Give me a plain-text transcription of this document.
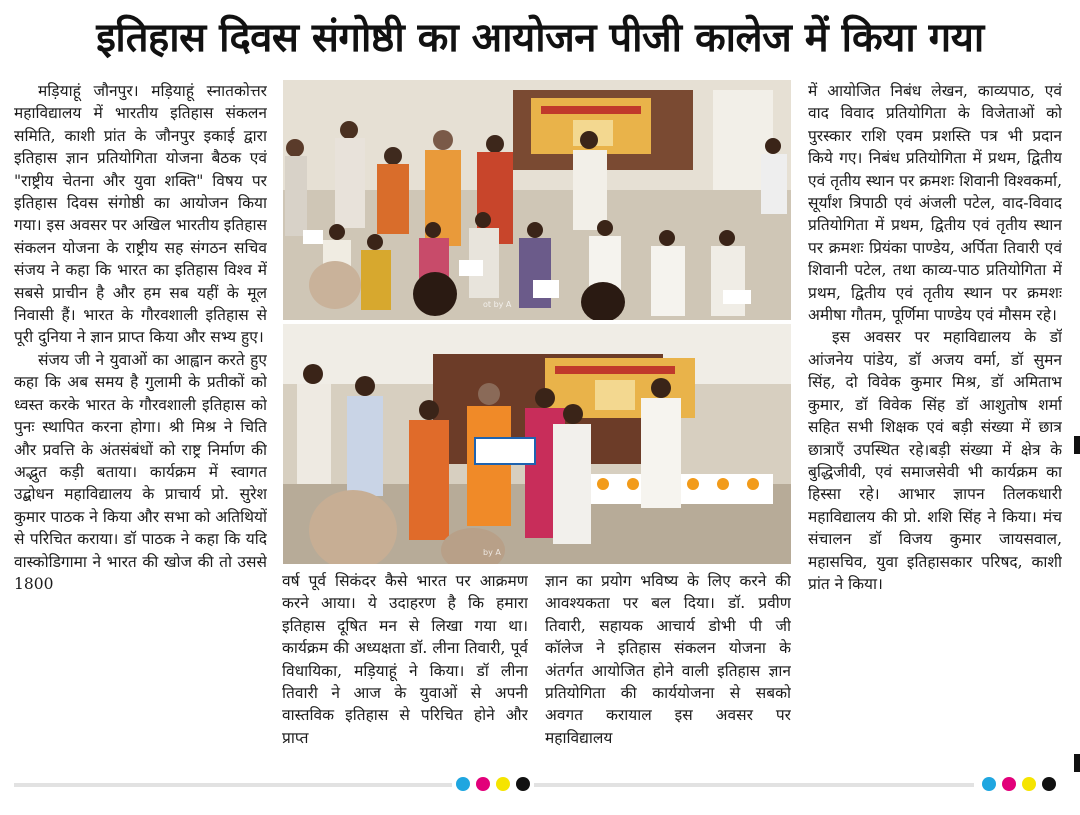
इतिहास दिवस संगोष्ठी का आयोजन पीजी कालेज में किया गया

मड़ियाहूं जौनपुर। मड़ियाहूं स्नातकोत्तर महाविद्यालय में भारतीय इतिहास संकलन समिति, काशी प्रांत के जौनपुर इकाई द्वारा इतिहास ज्ञान प्रतियोगिता योजना बैठक एवं "राष्ट्रीय चेतना और युवा शक्ति" विषय पर इतिहास दिवस संगोष्ठी का आयोजन किया गया। इस अवसर पर अखिल भारतीय इतिहास संकलन योजना के राष्ट्रीय सह संगठन सचिव संजय ने कहा कि भारत का इतिहास विश्व में सबसे प्राचीन है और हम सब यहीं के मूल निवासी हैं। भारत के गौरवशाली इतिहास से पूरी दुनिया ने ज्ञान प्राप्त किया और सभ्य हुए।

संजय जी ने युवाओं का आह्वान करते हुए कहा कि अब समय है गुलामी के प्रतीकों को ध्वस्त करके भारत के गौरवशाली इतिहास को पुनः स्थापित करना होगा। श्री मिश्र ने चिति और प्रवत्ति के अंतसंबंधों को राष्ट्र निर्माण की अद्भुत कड़ी बताया। कार्यक्रम में स्वागत उद्बोधन महाविद्यालय के प्राचार्य प्रो. सुरेश कुमार पाठक ने किया और सभा को अतिथियों से परिचित कराया। डॉ पाठक ने कहा कि यदि वास्कोडिगामा ने भारत की खोज की तो उससे 1800

ot by A
by A

वर्ष पूर्व सिकंदर कैसे भारत पर आक्रमण करने आया। ये उदाहरण है कि हमारा इतिहास दूषित मन से लिखा गया था। कार्यक्रम की अध्यक्षता डॉ. लीना तिवारी, पूर्व विधायिका, मड़ियाहूं ने किया। डॉ लीना तिवारी ने आज के युवाओं से अपनी वास्तविक इतिहास से परिचित होने और प्राप्त

ज्ञान का प्रयोग भविष्य के लिए करने की आवश्यकता पर बल दिया। डॉ. प्रवीण तिवारी, सहायक आचार्य डोभी पी जी कॉलेज ने इतिहास संकलन योजना के अंतर्गत आयोजित होने वाली इतिहास ज्ञान प्रतियोगिता की कार्ययोजना से सबको अवगत करायाल इस अवसर पर महाविद्यालय

में आयोजित निबंध लेखन, काव्यपाठ, एवं वाद विवाद प्रतियोगिता के विजेताओं को पुरस्कार राशि एवम प्रशस्ति पत्र भी प्रदान किये गए। निबंध प्रतियोगिता में प्रथम, द्वितीय एवं तृतीय स्थान पर क्रमशः शिवानी विश्वकर्मा, सूर्यांश त्रिपाठी एवं अंजली पटेल, वाद-विवाद प्रतियोगिता में प्रथम, द्वितीय एवं तृतीय स्थान पर क्रमशः प्रियंका पाण्डेय, अर्पिता तिवारी एवं शिवानी पटेल, तथा काव्य-पाठ प्रतियोगिता में प्रथम, द्वितीय एवं तृतीय स्थान पर क्रमशः अमीषा गौतम, पूर्णिमा पाण्डेय एवं मौसम रहे।

इस अवसर पर महाविद्यालय के डॉ आंजनेय पांडेय, डॉ अजय वर्मा, डॉ सुमन सिंह, दो विवेक कुमार मिश्र, डॉ अमिताभ कुमार, डॉ विवेक सिंह डॉ आशुतोष शर्मा सहित सभी शिक्षक एवं बड़ी संख्या में छात्र छात्राएँ उपस्थित रहे।बड़ी संख्या में क्षेत्र के बुद्धिजीवी, एवं समाजसेवी भी कार्यक्रम का हिस्सा रहे। आभार ज्ञापन तिलकधारी महाविद्यालय की प्रो. शशि सिंह ने किया। मंच संचालन डॉ विजय कुमार जायसवाल, महासचिव, युवा इतिहासकार परिषद, काशी प्रांत ने किया।
